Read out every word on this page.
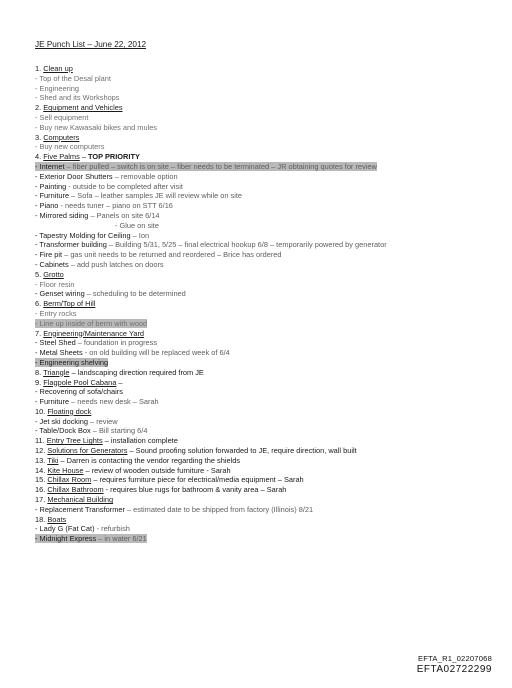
JE Punch List – June 22, 2012
1. Clean up
- Top of the Desal plant
- Engineering
- Shed and its Workshops
2. Equipment and Vehicles
- Sell equipment
- Buy new Kawasaki bikes and mules
3. Computers
- Buy new computers
4. Five Palms – TOP PRIORITY
- Internet – fiber pulled – switch is on site – fiber needs to be terminated – JR obtaining quotes for review
- Exterior Door Shutters – removable option
- Painting - outside to be completed after visit
- Furniture – Sofa – leather samples JE will review while on site
- Piano - needs tuner – piano on STT 6/16
- Mirrored siding – Panels on site 6/14
- Glue on site
- Tapestry Molding for Ceiling – Ion
- Transformer building – Building 5/31, 5/25 – final electrical hookup 6/8 – temporarily powered by generator
- Fire pit – gas unit needs to be returned and reordered – Brice has ordered
- Cabinets – add push latches on doors
5. Grotto
- Floor resin
- Genset wiring – scheduling to be determined
6. Berm/Top of Hill
- Entry rocks
- Line up inside of berm with wood
7. Engineering/Maintenance Yard
- Steel Shed – foundation in progress
- Metal Sheets - on old building will be replaced week of 6/4
- Engineering shelving
8. Triangle – landscaping direction required from JE
9. Flagpole Pool Cabana –
- Recovering of sofa/chairs
- Furniture – needs new desk – Sarah
10. Floating dock
- Jet ski docking – review
- Table/Dock Box – Bill starting 6/4
11. Entry Tree Lights – installation complete
12. Solutions for Generators – Sound proofing solution forwarded to JE, require direction, wall built
13. Tiki – Darren is contacting the vendor regarding the shields
14. Kite House – review of wooden outside furniture - Sarah
15. Chillax Room – requires furniture piece for electrical/media equipment – Sarah
16. Chillax Bathroom - requires blue rugs for bathroom & vanity area – Sarah
17. Mechanical Building
- Replacement Transformer – estimated date to be shipped from factory (Illinois) 8/21
18. Boats
- Lady G (Fat Cat) - refurbish
- Midnight Express – in water 6/21
EFTA_R1_02207068
EFTA02722299
